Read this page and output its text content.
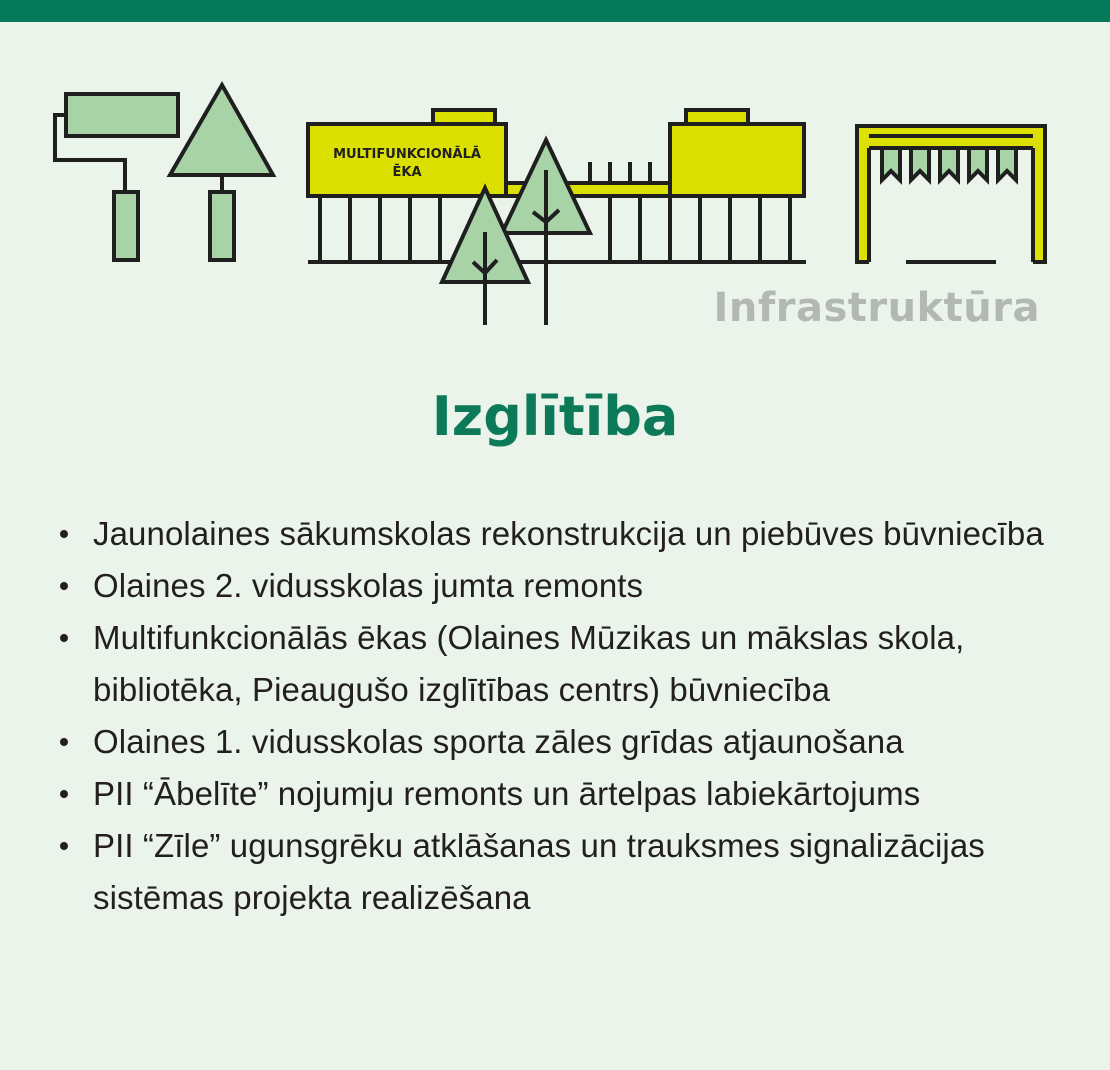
MULTIFUNKCIONĀLĀ
ĒKA
Infrastruktūra
Izglītība
Jaunolaines sākumskolas rekonstrukcija un piebūves būvniecība
Olaines 2. vidusskolas jumta remonts
Multifunkcionālās ēkas (Olaines Mūzikas un mākslas skola, bibliotēka, Pieaugušo izglītības centrs) būvniecība
Olaines 1. vidusskolas sporta zāles grīdas atjaunošana
PII “Ābelīte” nojumju remonts un ārtelpas labiekārtojums
PII “Zīle” ugunsgrēku atklāšanas un trauksmes signalizācijas sistēmas projekta realizēšana
